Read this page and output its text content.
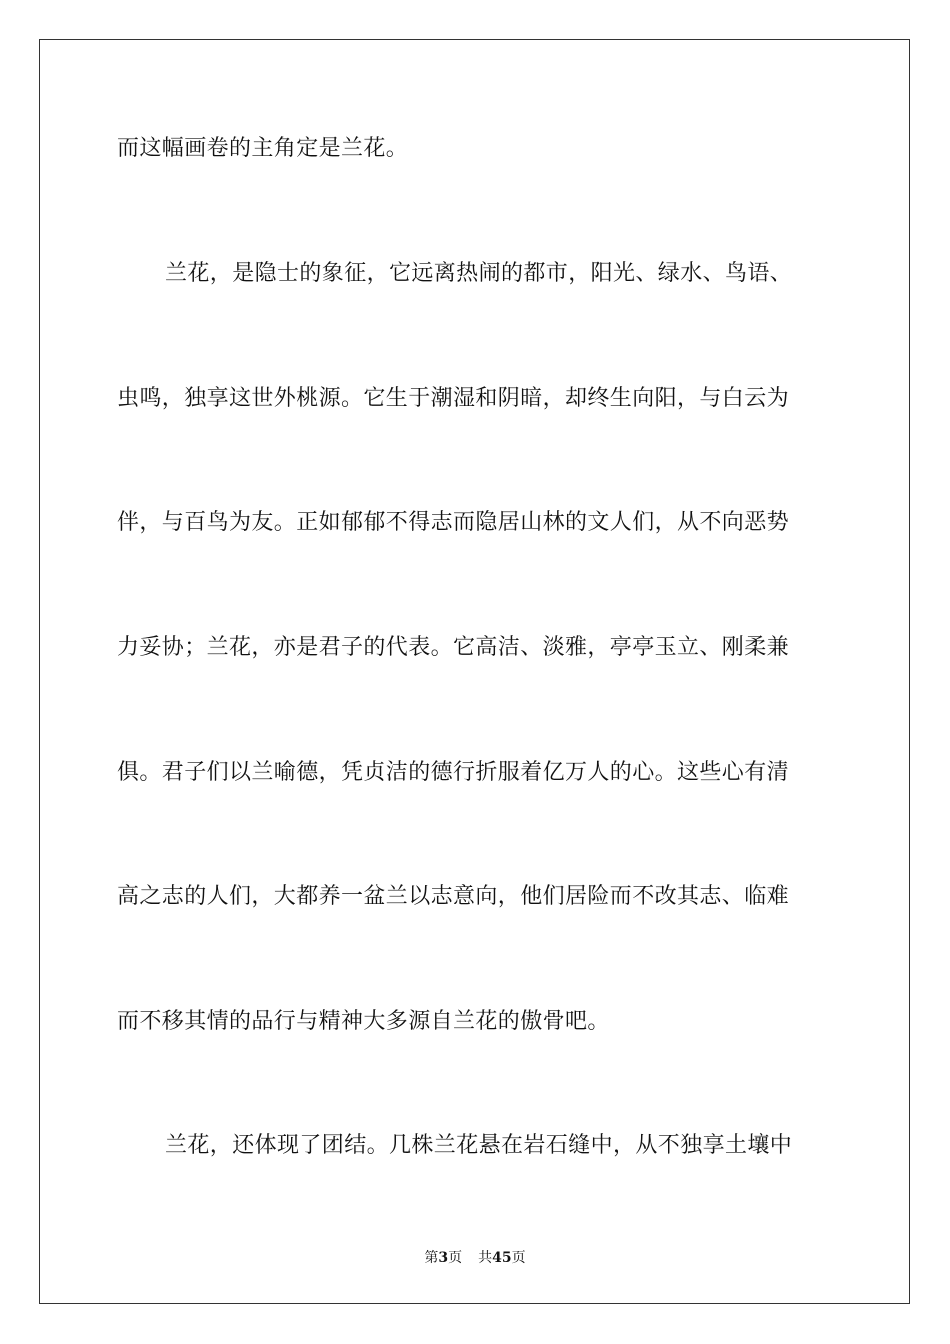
而这幅画卷的主角定是兰花。
兰花，是隐士的象征，它远离热闹的都市，阳光、绿水、鸟语、
虫鸣，独享这世外桃源。它生于潮湿和阴暗，却终生向阳，与白云为
伴，与百鸟为友。正如郁郁不得志而隐居山林的文人们，从不向恶势
力妥协；兰花，亦是君子的代表。它高洁、淡雅，亭亭玉立、刚柔兼
俱。君子们以兰喻德，凭贞洁的德行折服着亿万人的心。这些心有清
高之志的人们，大都养一盆兰以志意向，他们居险而不改其志、临难
而不移其情的品行与精神大多源自兰花的傲骨吧。
兰花，还体现了团结。几株兰花悬在岩石缝中，从不独享土壤中
第3页 共45页
